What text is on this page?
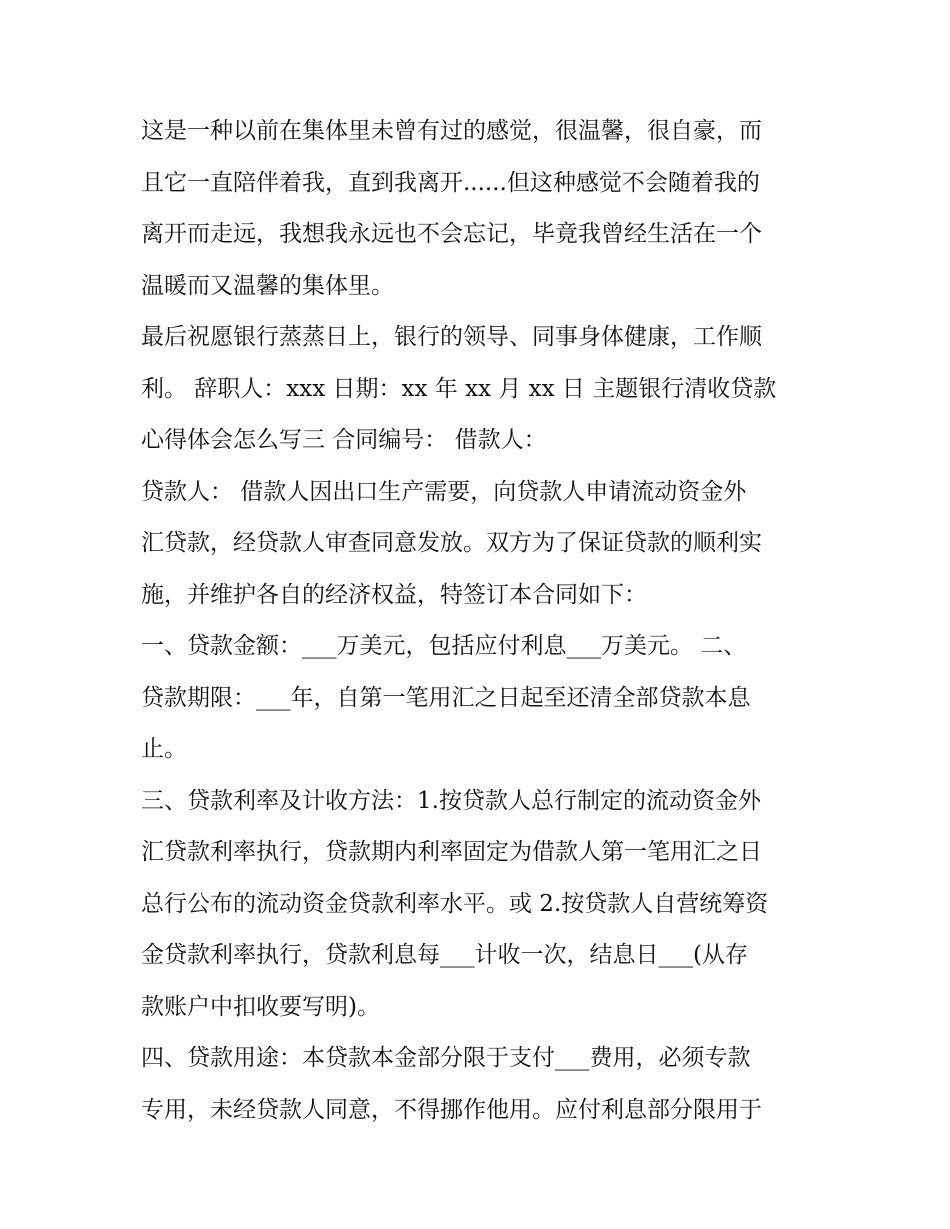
这是一种以前在集体里未曾有过的感觉，很温馨，很自豪，而
且它一直陪伴着我，直到我离开......但这种感觉不会随着我的
离开而走远，我想我永远也不会忘记，毕竟我曾经生活在一个
温暖而又温馨的集体里。
最后祝愿银行蒸蒸日上，银行的领导、同事身体健康，工作顺
利。 辞职人：xxx 日期：xx 年 xx 月 xx 日 主题银行清收贷款
心得体会怎么写三 合同编号： 借款人：
贷款人： 借款人因出口生产需要，向贷款人申请流动资金外
汇贷款，经贷款人审查同意发放。双方为了保证贷款的顺利实
施，并维护各自的经济权益，特签订本合同如下：
一、贷款金额：___万美元，包括应付利息___万美元。 二、
贷款期限：___年，自第一笔用汇之日起至还清全部贷款本息
止。
三、贷款利率及计收方法：1.按贷款人总行制定的流动资金外
汇贷款利率执行，贷款期内利率固定为借款人第一笔用汇之日
总行公布的流动资金贷款利率水平。或 2.按贷款人自营统筹资
金贷款利率执行，贷款利息每___计收一次，结息日___(从存
款账户中扣收要写明)。
四、贷款用途：本贷款本金部分限于支付___费用，必须专款
专用，未经贷款人同意，不得挪作他用。应付利息部分限用于
